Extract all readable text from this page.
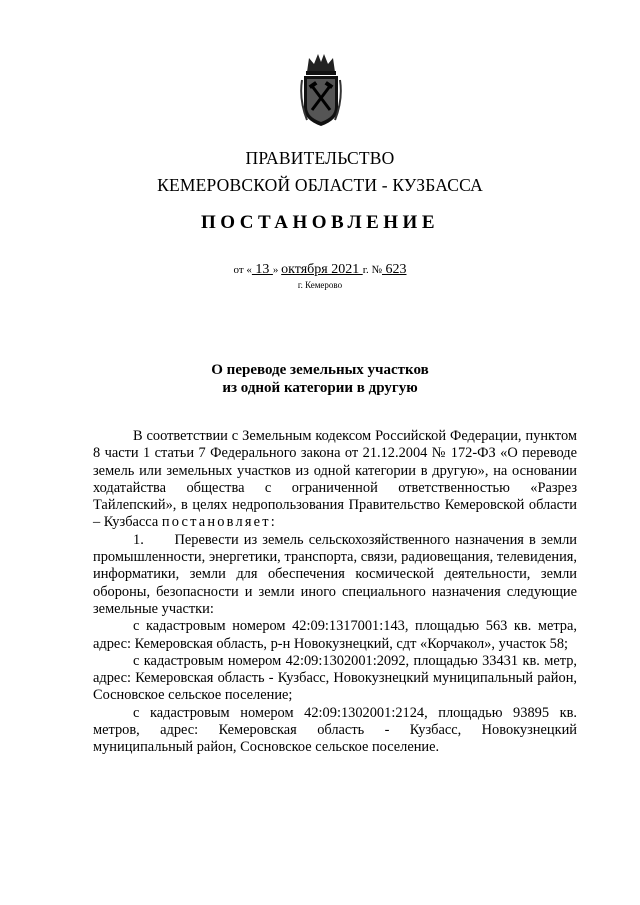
ПРАВИТЕЛЬСТВО
КЕМЕРОВСКОЙ ОБЛАСТИ - КУЗБАССА
ПОСТАНОВЛЕНИЕ
от « 13 » октября 2021 г. № 623
г. Кемерово
О переводе земельных участков
из одной категории в другую

В соответствии с Земельным кодексом Российской Федерации, пунктом 8 части 1 статьи 7 Федерального закона от 21.12.2004 № 172-ФЗ «О переводе земель или земельных участков из одной категории в другую», на основании ходатайства общества с ограниченной ответственностью «Разрез Тайлепский», в целях недропользования Правительство Кемеровской области – Кузбасса постановляет:

1.      Перевести из земель сельскохозяйственного назначения в земли промышленности, энергетики, транспорта, связи, радиовещания, телевидения, информатики, земли для обеспечения космической деятельности, земли обороны, безопасности и земли иного специального назначения следующие земельные участки:

с кадастровым номером 42:09:1317001:143, площадью 563 кв. метра, адрес: Кемеровская область, р-н Новокузнецкий, сдт «Корчакол», участок 58;

с кадастровым номером 42:09:1302001:2092, площадью 33431 кв. метр, адрес: Кемеровская область - Кузбасс, Новокузнецкий муниципальный район, Сосновское сельское поселение;

с кадастровым номером 42:09:1302001:2124, площадью 93895 кв. метров, адрес: Кемеровская область - Кузбасс, Новокузнецкий муниципальный район, Сосновское сельское поселение.
